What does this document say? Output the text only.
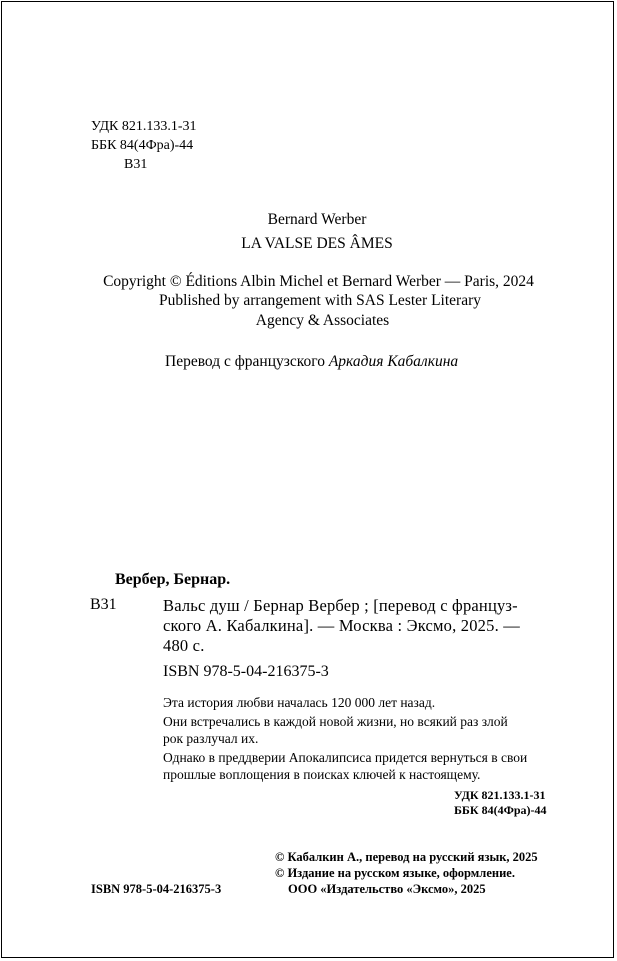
УДК 821.133.1-31
ББК 84(4Фра)-44
В31
Bernard Werber
LA VALSE DES ÂMES
Copyright © Éditions Albin Michel et Bernard Werber — Paris, 2024
Published by arrangement with SAS Lester Literary
Agency & Associates
Перевод с французского Аркадия Кабалкина
Вербер, Бернар.
В31	Вальс душ / Бернар Вербер ; [перевод с француз-
ского А. Кабалкина]. — Москва : Эксмо, 2025. —
480 с.
ISBN 978-5-04-216375-3
Эта история любви началась 120 000 лет назад.
Они встречались в каждой новой жизни, но всякий раз злой
рок разлучал их.
Однако в преддверии Апокалипсиса придется вернуться в свои
прошлые воплощения в поисках ключей к настоящему.
УДК 821.133.1-31
ББК 84(4Фра)-44
© Кабалкин А., перевод на русский язык, 2025
© Издание на русском языке, оформление.
ООО «Издательство «Эксмо», 2025
ISBN 978-5-04-216375-3
